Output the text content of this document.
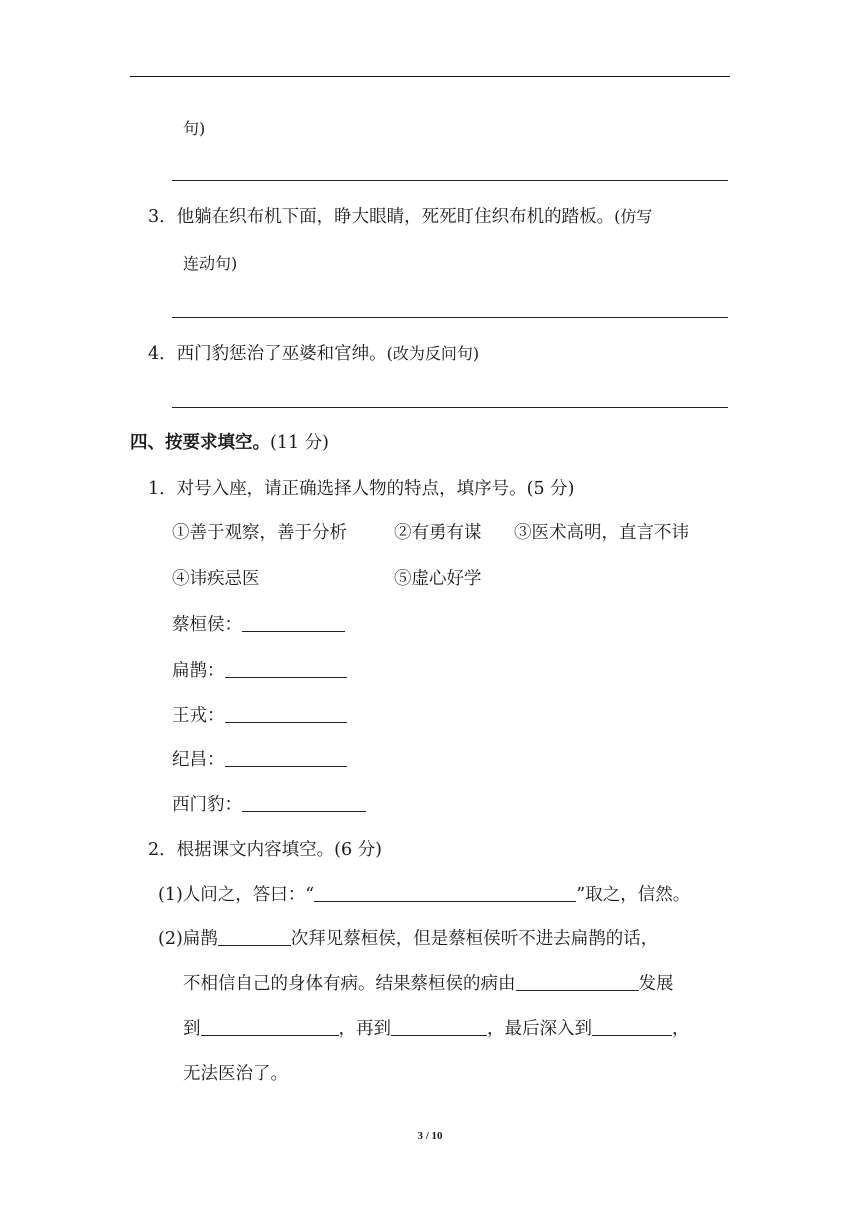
句)
3．他躺在织布机下面，睁大眼睛，死死盯住织布机的踏板。(仿写
连动句)
4．西门豹惩治了巫婆和官绅。(改为反问句)
四、按要求填空。(11 分)
1．对号入座，请正确选择人物的特点，填序号。(5 分)
①善于观察，善于分析	②有勇有谋 ③医术高明，直言不讳
④讳疾忌医	⑤虚心好学
蔡桓侯：
扁鹊：
王戎：
纪昌：
西门豹：
2．根据课文内容填空。(6 分)
(1)人问之，答曰：“	”取之，信然。
(2)扁鹊	次拜见蔡桓侯，但是蔡桓侯听不进去扁鹊的话，
不相信自己的身体有病。结果蔡桓侯的病由	发展
到	，再到	，最后深入到	，
无法医治了。
3 / 10
